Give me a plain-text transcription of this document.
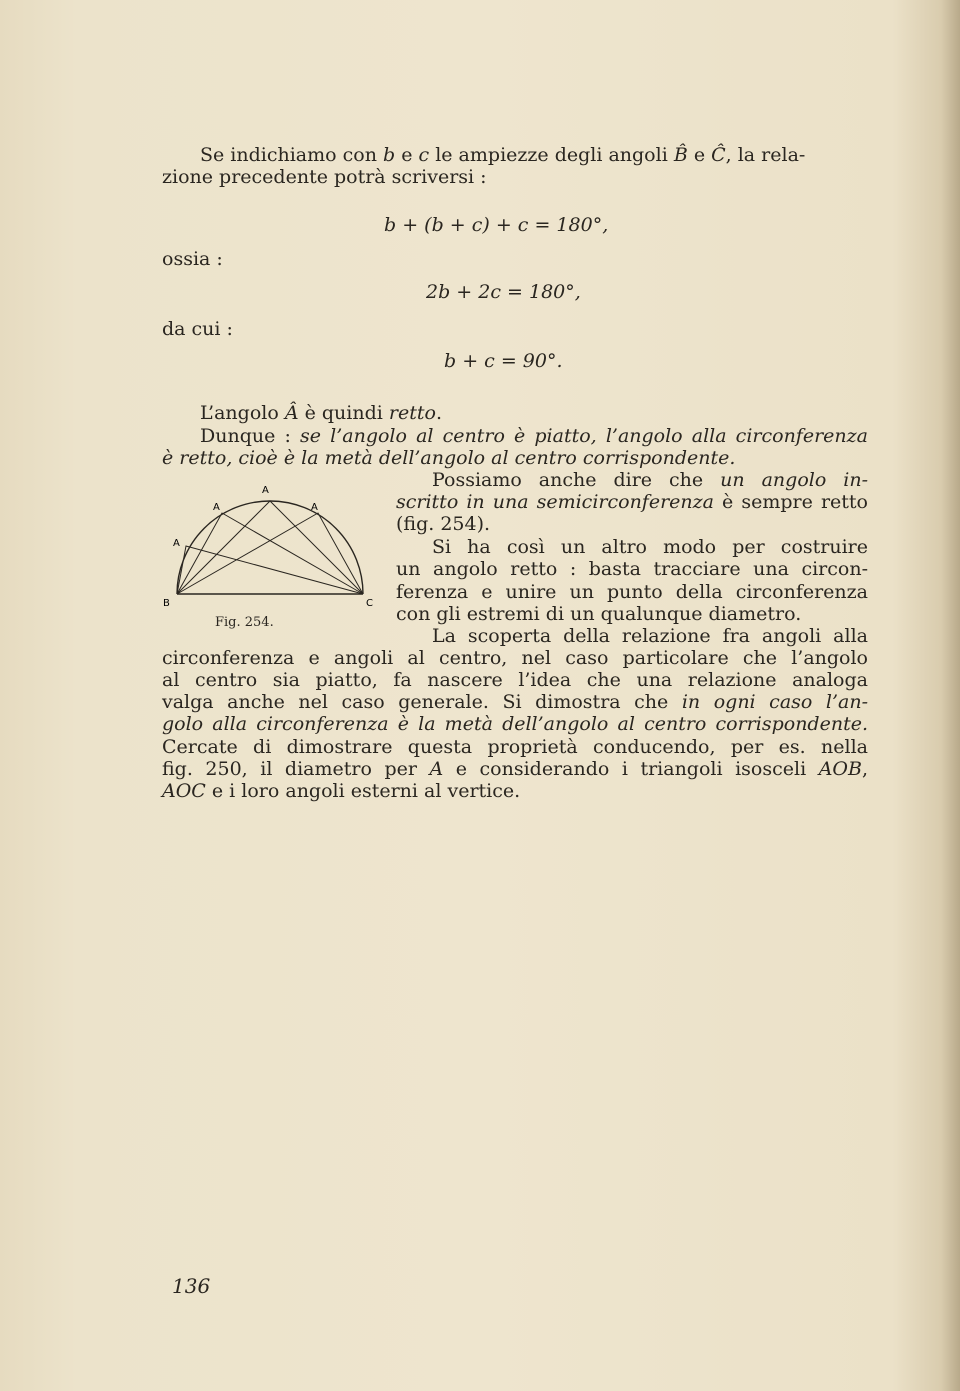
Se indichiamo con b e c le ampiezze degli angoli B̂ e Ĉ, la rela-
zione precedente potrà scriversi :
b + (b + c) + c = 180°,
ossia :
2b + 2c = 180°,
da cui :
b + c = 90°.
L’angolo Â è quindi retto.
Dunque : se l’angolo al centro è piatto, l’angolo alla circonferenza
è retto, cioè è la metà dell’angolo al centro corrispondente.
Possiamo anche dire che un angolo in-
scritto in una semicirconferenza è sempre retto
(fig. 254).
Si ha così un altro modo per costruire
un angolo retto : basta tracciare una circon-
ferenza e unire un punto della circonferenza
con gli estremi di un qualunque diametro.
La scoperta della relazione fra angoli alla
circonferenza e angoli al centro, nel caso particolare che l’angolo
al centro sia piatto, fa nascere l’idea che una relazione analoga
valga anche nel caso generale. Si dimostra che in ogni caso l’an-
golo alla circonferenza è la metà dell’angolo al centro corrispondente.
Cercate di dimostrare questa proprietà conducendo, per es. nella
fig. 250, il diametro per A e considerando i triangoli isosceli AOB,
AOC e i loro angoli esterni al vertice.
A
A	A
A
B	C
Fig. 254.
136
